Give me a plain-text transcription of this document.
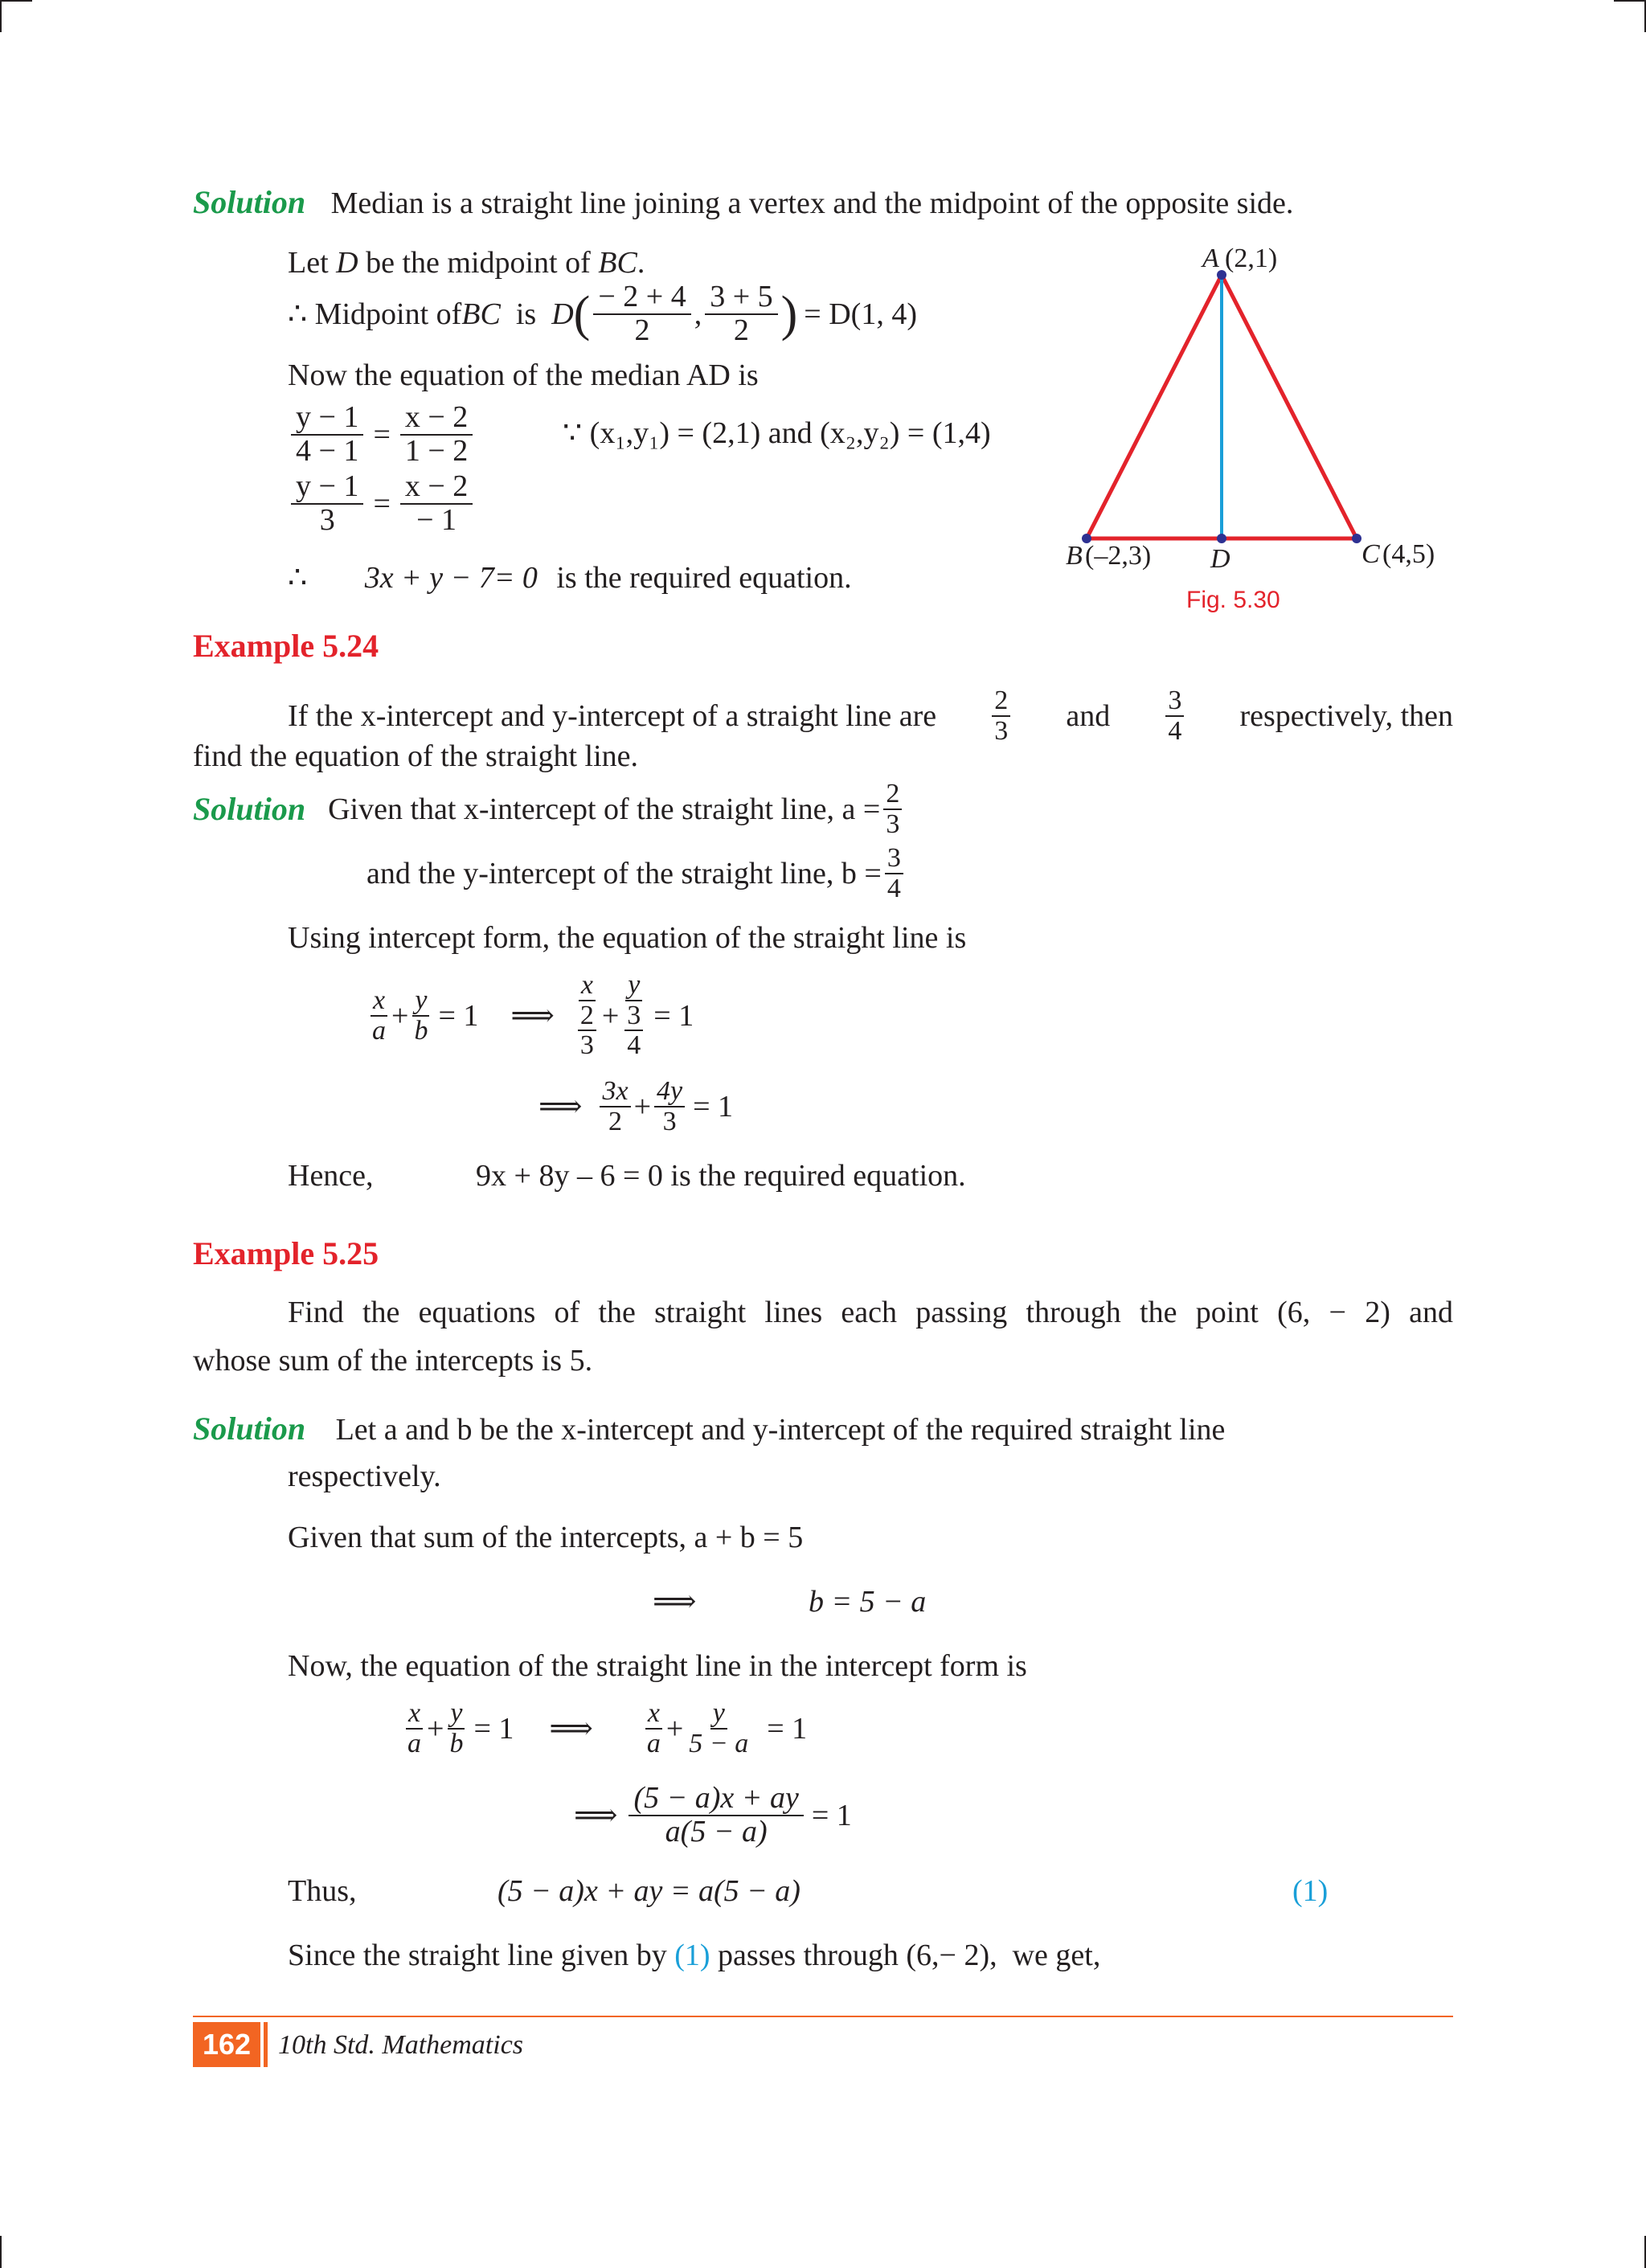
Solution Median is a straight line joining a vertex and the midpoint of the opposite side.
Let D be the midpoint of BC.
∴ Midpoint of BC is D ( $\frac{- 2 + 4}{2}$ , $\frac{3 + 5}{2}$ ) = D(1, 4)
Now the equation of the median AD is
$\frac{y - 1}{4 - 1} = \frac{x - 2}{1 - 2}$	∵ (x₁,y₁) = (2,1) and (x₂,y₂) = (1,4)
$\frac{y - 1}{3} = \frac{x - 2}{- 1}$
∴ 3x + y − 7= 0 is the required equation.
A (2,1)
B (–2,3) D	C (4,5)
Fig. 5.30
Example 5.24
If the x-intercept and y-intercept of a straight line are $\frac{2}{3}$ and $\frac{3}{4}$ respectively, then
find the equation of the straight line.
Solution Given that x-intercept of the straight line, $a = \frac{2}{3}$
and the y-intercept of the straight line, $b = \frac{3}{4}$
Using intercept form, the equation of the straight line is
$\frac{x}{a} + \frac{y}{b} = 1$ ⟹ $\frac{x}{\frac{2}{3}} + \frac{y}{\frac{3}{4}} = 1$
⟹ $\frac{3x}{2} + \frac{4y}{3} = 1$
Hence,	9x + 8y – 6 = 0 is the required equation.
Example 5.25
Find the equations of the straight lines each passing through the point (6, − 2) and
whose sum of the intercepts is 5.
Solution Let a and b be the x-intercept and y-intercept of the required straight line
respectively.
Given that sum of the intercepts, a + b = 5
⟹	b = 5 − a
Now, the equation of the straight line in the intercept form is
$\frac{x}{a} + \frac{y}{b} = 1$ ⟹ $\frac{x}{a} + \frac{y}{5 - a} = 1$
⟹ $\frac{(5 - a)x + ay}{a(5 - a)} = 1$
Thus,	(5 − a)x + ay = a(5 − a)	(1)
Since the straight line given by (1) passes through (6,− 2),  we get,
162 10th Std. Mathematics
